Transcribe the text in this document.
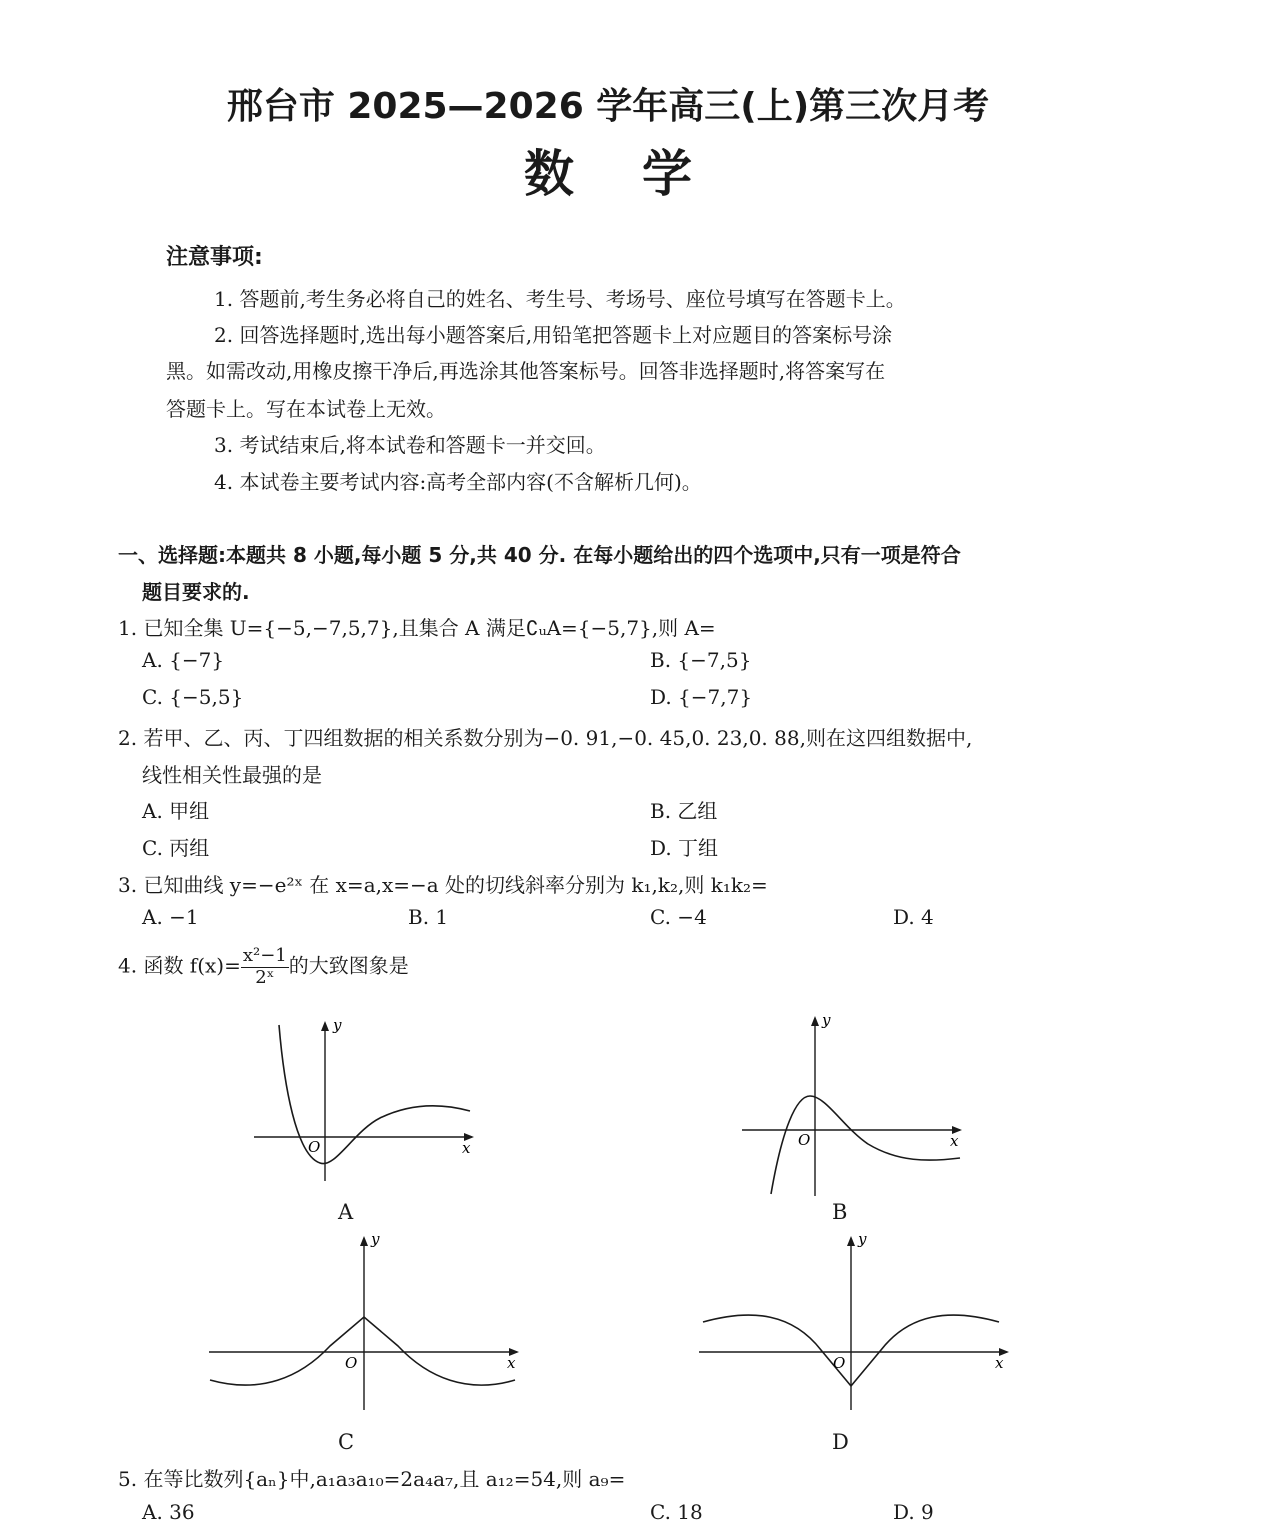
邢台市 2025—2026 学年高三(上)第三次月考
数学
注意事项:
1. 答题前,考生务必将自己的姓名、考生号、考场号、座位号填写在答题卡上。
2. 回答选择题时,选出每小题答案后,用铅笔把答题卡上对应题目的答案标号涂
黑。如需改动,用橡皮擦干净后,再选涂其他答案标号。回答非选择题时,将答案写在
答题卡上。写在本试卷上无效。
3. 考试结束后,将本试卷和答题卡一并交回。
4. 本试卷主要考试内容:高考全部内容(不含解析几何)。
一、选择题:本题共 8 小题,每小题 5 分,共 40 分. 在每小题给出的四个选项中,只有一项是符合
题目要求的.
1. 已知全集 U={−5,−7,5,7},且集合 A 满足∁ᵤA={−5,7},则 A=
A. {−7}	B. {−7,5}
C. {−5,5}	D. {−7,7}
2. 若甲、乙、丙、丁四组数据的相关系数分别为−0. 91,−0. 45,0. 23,0. 88,则在这四组数据中,
线性相关性最强的是
A. 甲组	B. 乙组
C. 丙组	D. 丁组
3. 已知曲线 y=−e²ˣ 在 x=a,x=−a 处的切线斜率分别为 k₁,k₂,则 k₁k₂=
A. −1	B. 1	C. −4	D. 4
4. 函数 $f(x)= \frac{\text{x²−1}}{\text{2ˣ}}$ 的大致图象是
O	x
y
A
O	x
y
B
O	x
y
C
O	x
y
D
5. 在等比数列{aₙ}中,a₁a₃a₁₀=2a₄a₇,且 a₁₂=54,则 a₉=
A. 36	C. 18	D. 9
